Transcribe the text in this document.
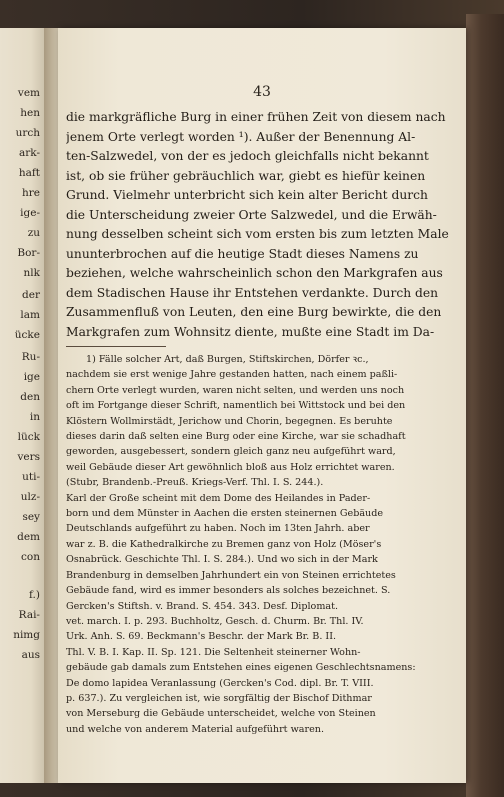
vem
hen
urch
ark-
haft
hre
ige-
zu
Bor-
nlk
der
lam
ücke
Ru-
ige
den
in
lück
vers
uti-
ulz-
sey
dem
con
f.)
Rai-
nimg
aus

43

die markgräfliche Burg in einer frühen Zeit von diesem nach
jenem Orte verlegt worden ¹). Außer der Benennung Al-
ten-Salzwedel, von der es jedoch gleichfalls nicht bekannt
ist, ob sie früher gebräuchlich war, giebt es hiefür keinen
Grund. Vielmehr unterbricht sich kein alter Bericht durch
die Unterscheidung zweier Orte Salzwedel, und die Erwäh-
nung desselben scheint sich vom ersten bis zum letzten Male
ununterbrochen auf die heutige Stadt dieses Namens zu
beziehen, welche wahrscheinlich schon den Markgrafen aus
dem Stadischen Hause ihr Entstehen verdankte. Durch den
Zusammenfluß von Leuten, den eine Burg bewirkte, die den
Markgrafen zum Wohnsitz diente, mußte eine Stadt im Da-

1) Fälle solcher Art, daß Burgen, Stiftskirchen, Dörfer ꝛc.,
nachdem sie erst wenige Jahre gestanden hatten, nach einem paßli-
chern Orte verlegt wurden, waren nicht selten, und werden uns noch
oft im Fortgange dieser Schrift, namentlich bei Wittstock und bei den
Klöstern Wollmirstädt, Jerichow und Chorin, begegnen. Es beruhte
dieses darin daß selten eine Burg oder eine Kirche, war sie schadhaft
geworden, ausgebessert, sondern gleich ganz neu aufgeführt ward,
weil Gebäude dieser Art gewöhnlich bloß aus Holz errichtet waren.
(Stubr, Brandenb.-Preuß. Kriegs-Verf. Thl. I. S. 244.).
Karl der Große scheint mit dem Dome des Heilandes in Pader-
born und dem Münster in Aachen die ersten steinernen Gebäude
Deutschlands aufgeführt zu haben. Noch im 13ten Jahrh. aber
war z. B. die Kathedralkirche zu Bremen ganz von Holz (Möser's
Osnabrück. Geschichte Thl. I. S. 284.). Und wo sich in der Mark
Brandenburg in demselben Jahrhundert ein von Steinen errichtetes
Gebäude fand, wird es immer besonders als solches bezeichnet. S.
Gercken's Stiftsh. v. Brand. S. 454. 343. Desf. Diplomat.
vet. march. I. p. 293. Buchholtz, Gesch. d. Churm. Br. Thl. IV.
Urk. Anh. S. 69. Beckmann's Beschr. der Mark Br. B. II.
Thl. V. B. I. Kap. II. Sp. 121. Die Seltenheit steinerner Wohn-
gebäude gab damals zum Entstehen eines eigenen Geschlechtsnamens:
De domo lapidea Veranlassung (Gercken's Cod. dipl. Br. T. VIII.
p. 637.). Zu vergleichen ist, wie sorgfältig der Bischof Dithmar
von Merseburg die Gebäude unterscheidet, welche von Steinen
und welche von anderem Material aufgeführt waren.
